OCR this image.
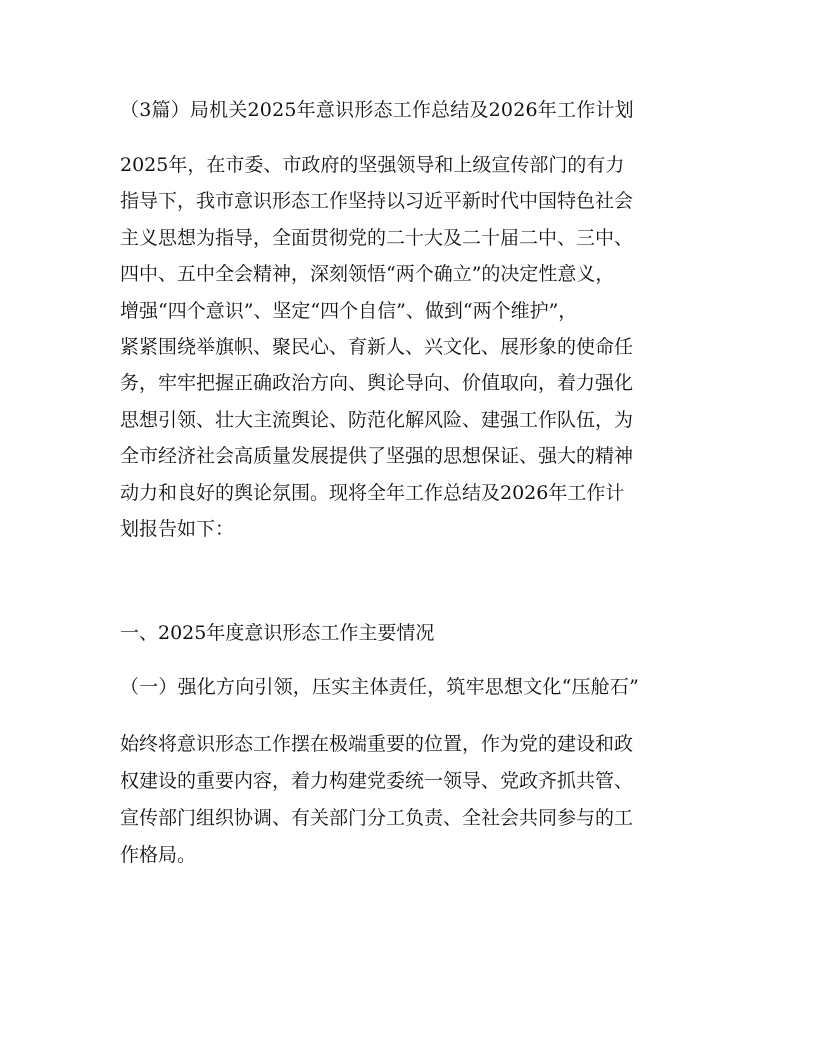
（3篇）局机关2025年意识形态工作总结及2026年工作计划
2025年，在市委、市政府的坚强领导和上级宣传部门的有力
指导下，我市意识形态工作坚持以习近平新时代中国特色社会
主义思想为指导，全面贯彻党的二十大及二十届二中、三中、
四中、五中全会精神，深刻领悟“两个确立”的决定性意义，
增强“四个意识”、坚定“四个自信”、做到“两个维护”，
紧紧围绕举旗帜、聚民心、育新人、兴文化、展形象的使命任
务，牢牢把握正确政治方向、舆论导向、价值取向，着力强化
思想引领、壮大主流舆论、防范化解风险、建强工作队伍，为
全市经济社会高质量发展提供了坚强的思想保证、强大的精神
动力和良好的舆论氛围。现将全年工作总结及2026年工作计
划报告如下：
一、2025年度意识形态工作主要情况
（一）强化方向引领，压实主体责任，筑牢思想文化“压舱石”
始终将意识形态工作摆在极端重要的位置，作为党的建设和政
权建设的重要内容，着力构建党委统一领导、党政齐抓共管、
宣传部门组织协调、有关部门分工负责、全社会共同参与的工
作格局。
